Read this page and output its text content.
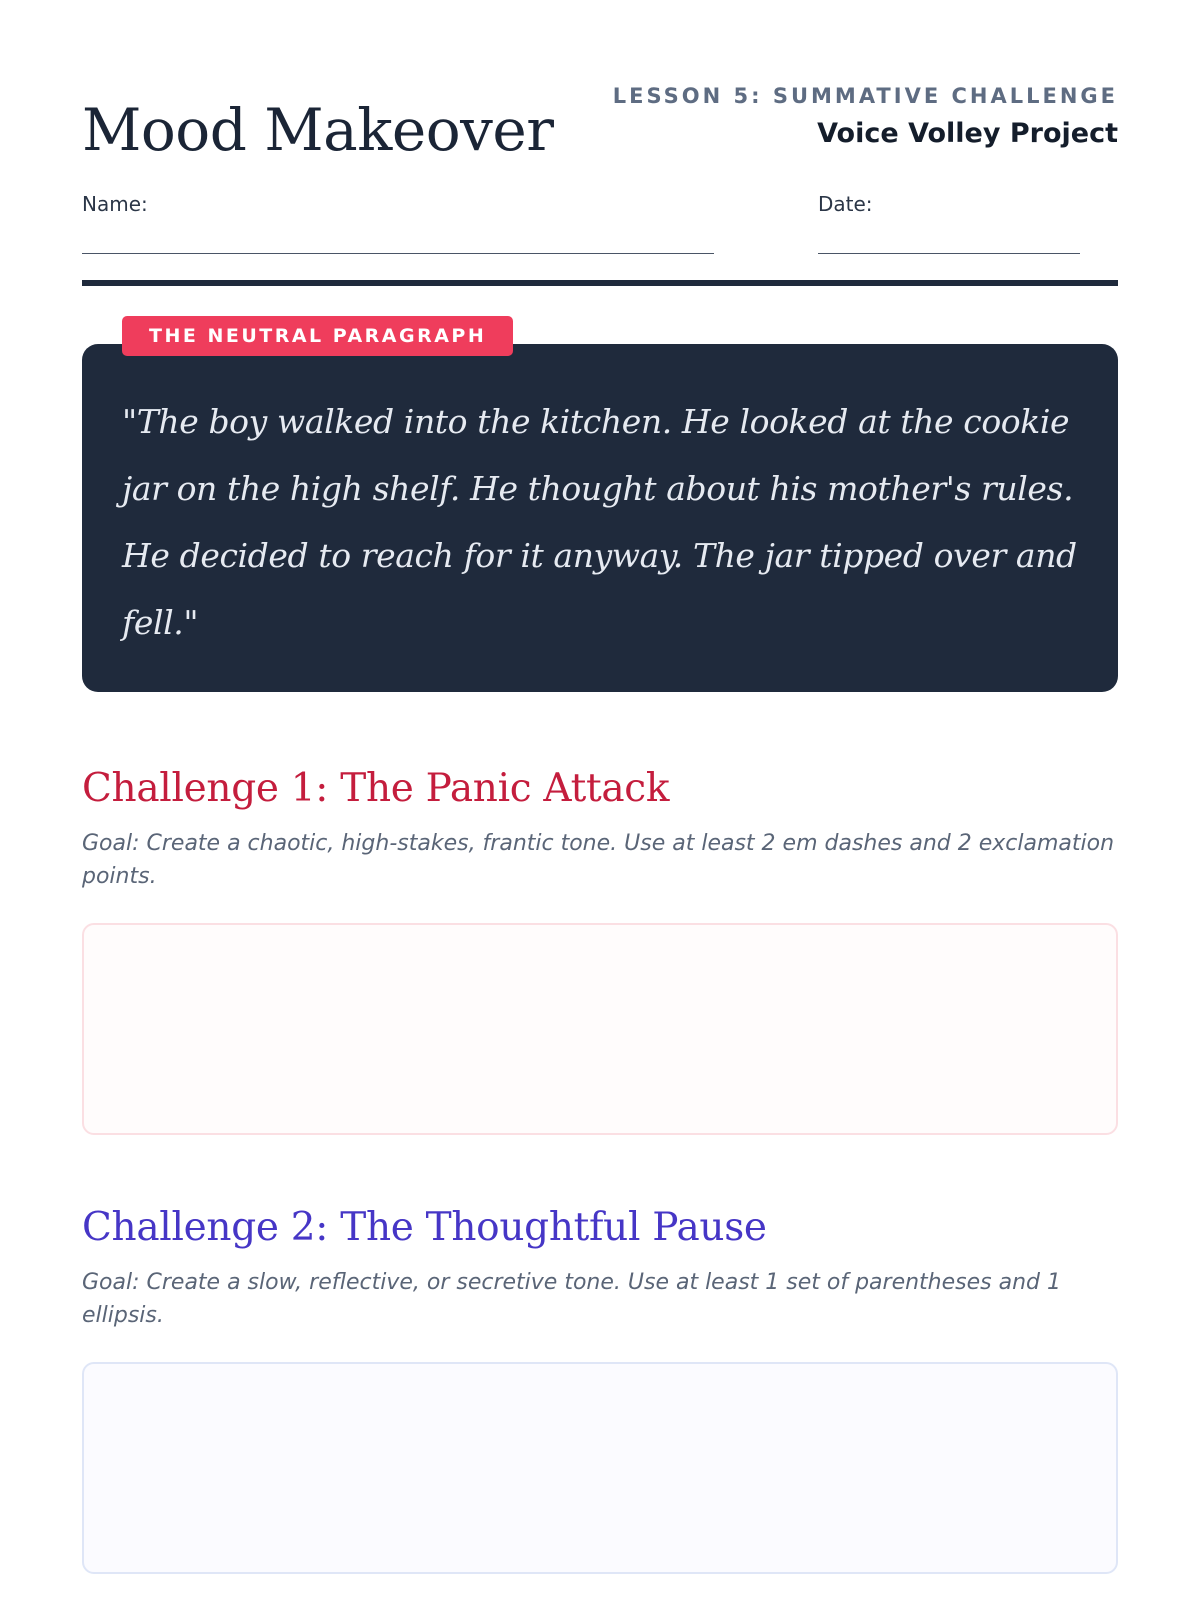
Mood Makeover	LESSON 5: SUMMATIVE CHALLENGE
Voice Volley Project
Name:	Date:
THE NEUTRAL PARAGRAPH

"The boy walked into the kitchen. He looked at the cookie jar on the high shelf. He thought about his mother's rules. He decided to reach for it anyway. The jar tipped over and fell."

Challenge 1: The Panic Attack

Goal: Create a chaotic, high-stakes, frantic tone. Use at least 2 em dashes and 2 exclamation points.

Challenge 2: The Thoughtful Pause

Goal: Create a slow, reflective, or secretive tone. Use at least 1 set of parentheses and 1 ellipsis.
